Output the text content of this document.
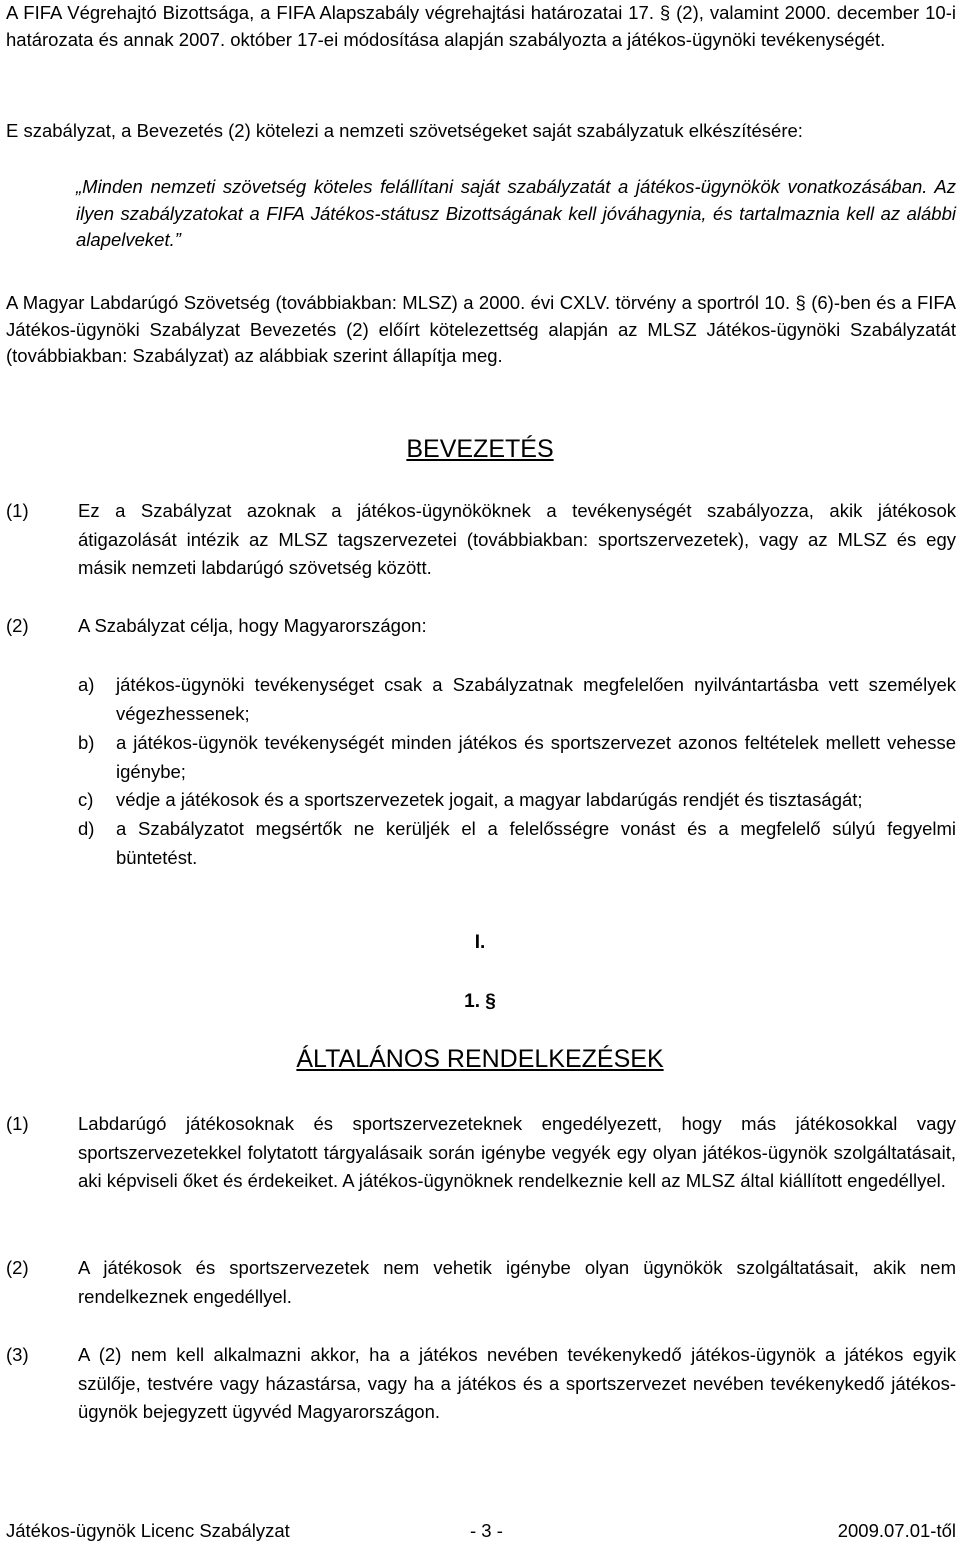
A FIFA Végrehajtó Bizottsága, a FIFA Alapszabály végrehajtási határozatai 17. § (2), valamint 2000. december 10-i határozata és annak 2007. október 17-ei módosítása alapján szabályozta a játékos-ügynöki tevékenységét.

E szabályzat, a Bevezetés (2) kötelezi a nemzeti szövetségeket saját szabályzatuk elkészítésére:

„Minden nemzeti szövetség köteles felállítani saját szabályzatát a játékos-ügynökök vonatkozásában. Az ilyen szabályzatokat a FIFA Játékos-státusz Bizottságának kell jóváhagynia, és tartalmaznia kell az alábbi alapelveket.”

A Magyar Labdarúgó Szövetség (továbbiakban: MLSZ) a 2000. évi CXLV. törvény a sportról 10. § (6)-ben és a FIFA Játékos-ügynöki Szabályzat Bevezetés (2) előírt kötelezettség alapján az MLSZ Játékos-ügynöki Szabályzatát (továbbiakban: Szabályzat) az alábbiak szerint állapítja meg.

BEVEZETÉS
(1)	Ez a Szabályzat azoknak a játékos-ügynököknek a tevékenységét szabályozza, akik játékosok átigazolását intézik az MLSZ tagszervezetei (továbbiakban: sportszervezetek), vagy az MLSZ és egy másik nemzeti labdarúgó szövetség között.
(2)	A Szabályzat célja, hogy Magyarországon:
a) játékos-ügynöki tevékenységet csak a Szabályzatnak megfelelően nyilvántartásba vett személyek végezhessenek;
b) a játékos-ügynök tevékenységét minden játékos és sportszervezet azonos feltételek mellett vehesse igénybe;
c) védje a játékosok és a sportszervezetek jogait, a magyar labdarúgás rendjét és tisztaságát;
d) a Szabályzatot megsértők ne kerüljék el a felelősségre vonást és a megfelelő súlyú fegyelmi büntetést.
I.
1. §
ÁLTALÁNOS RENDELKEZÉSEK
(1)	Labdarúgó játékosoknak és sportszervezeteknek engedélyezett, hogy más játékosokkal vagy sportszervezetekkel folytatott tárgyalásaik során igénybe vegyék egy olyan játékos-ügynök szolgáltatásait, aki képviseli őket és érdekeiket. A játékos-ügynöknek rendelkeznie kell az MLSZ által kiállított engedéllyel.
(2)	A játékosok és sportszervezetek nem vehetik igénybe olyan ügynökök szolgáltatásait, akik nem rendelkeznek engedéllyel.
(3)	A (2) nem kell alkalmazni akkor, ha a játékos nevében tevékenykedő játékos-ügynök a játékos egyik szülője, testvére vagy házastársa, vagy ha a játékos és a sportszervezet nevében tevékenykedő játékos-ügynök bejegyzett ügyvéd Magyarországon.
Játékos-ügynök Licenc Szabályzat	- 3 -	2009.07.01-től
